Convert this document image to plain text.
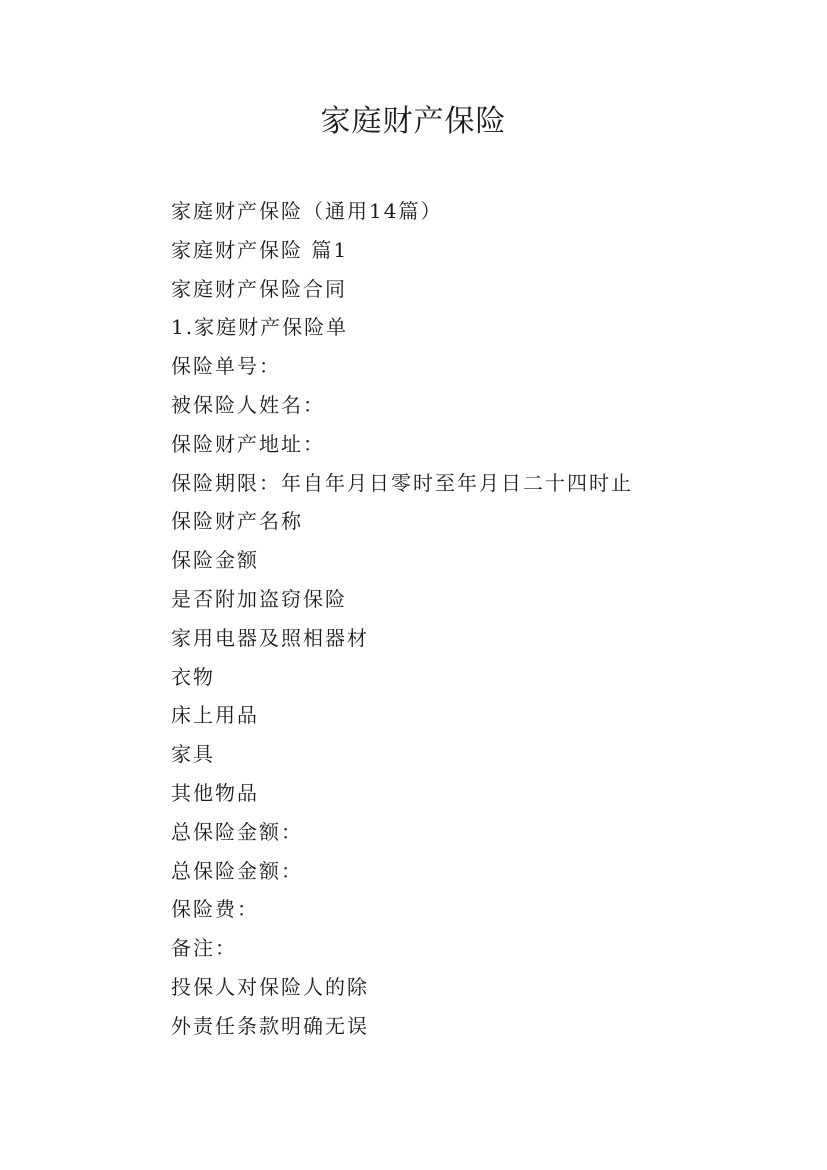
家庭财产保险
家庭财产保险（通用14篇）
家庭财产保险 篇1
家庭财产保险合同
1.家庭财产保险单
保险单号：
被保险人姓名：
保险财产地址：
保险期限：年自年月日零时至年月日二十四时止
保险财产名称
保险金额
是否附加盗窃保险
家用电器及照相器材
衣物
床上用品
家具
其他物品
总保险金额：
总保险金额：
保险费：
备注：
投保人对保险人的除
外责任条款明确无误
